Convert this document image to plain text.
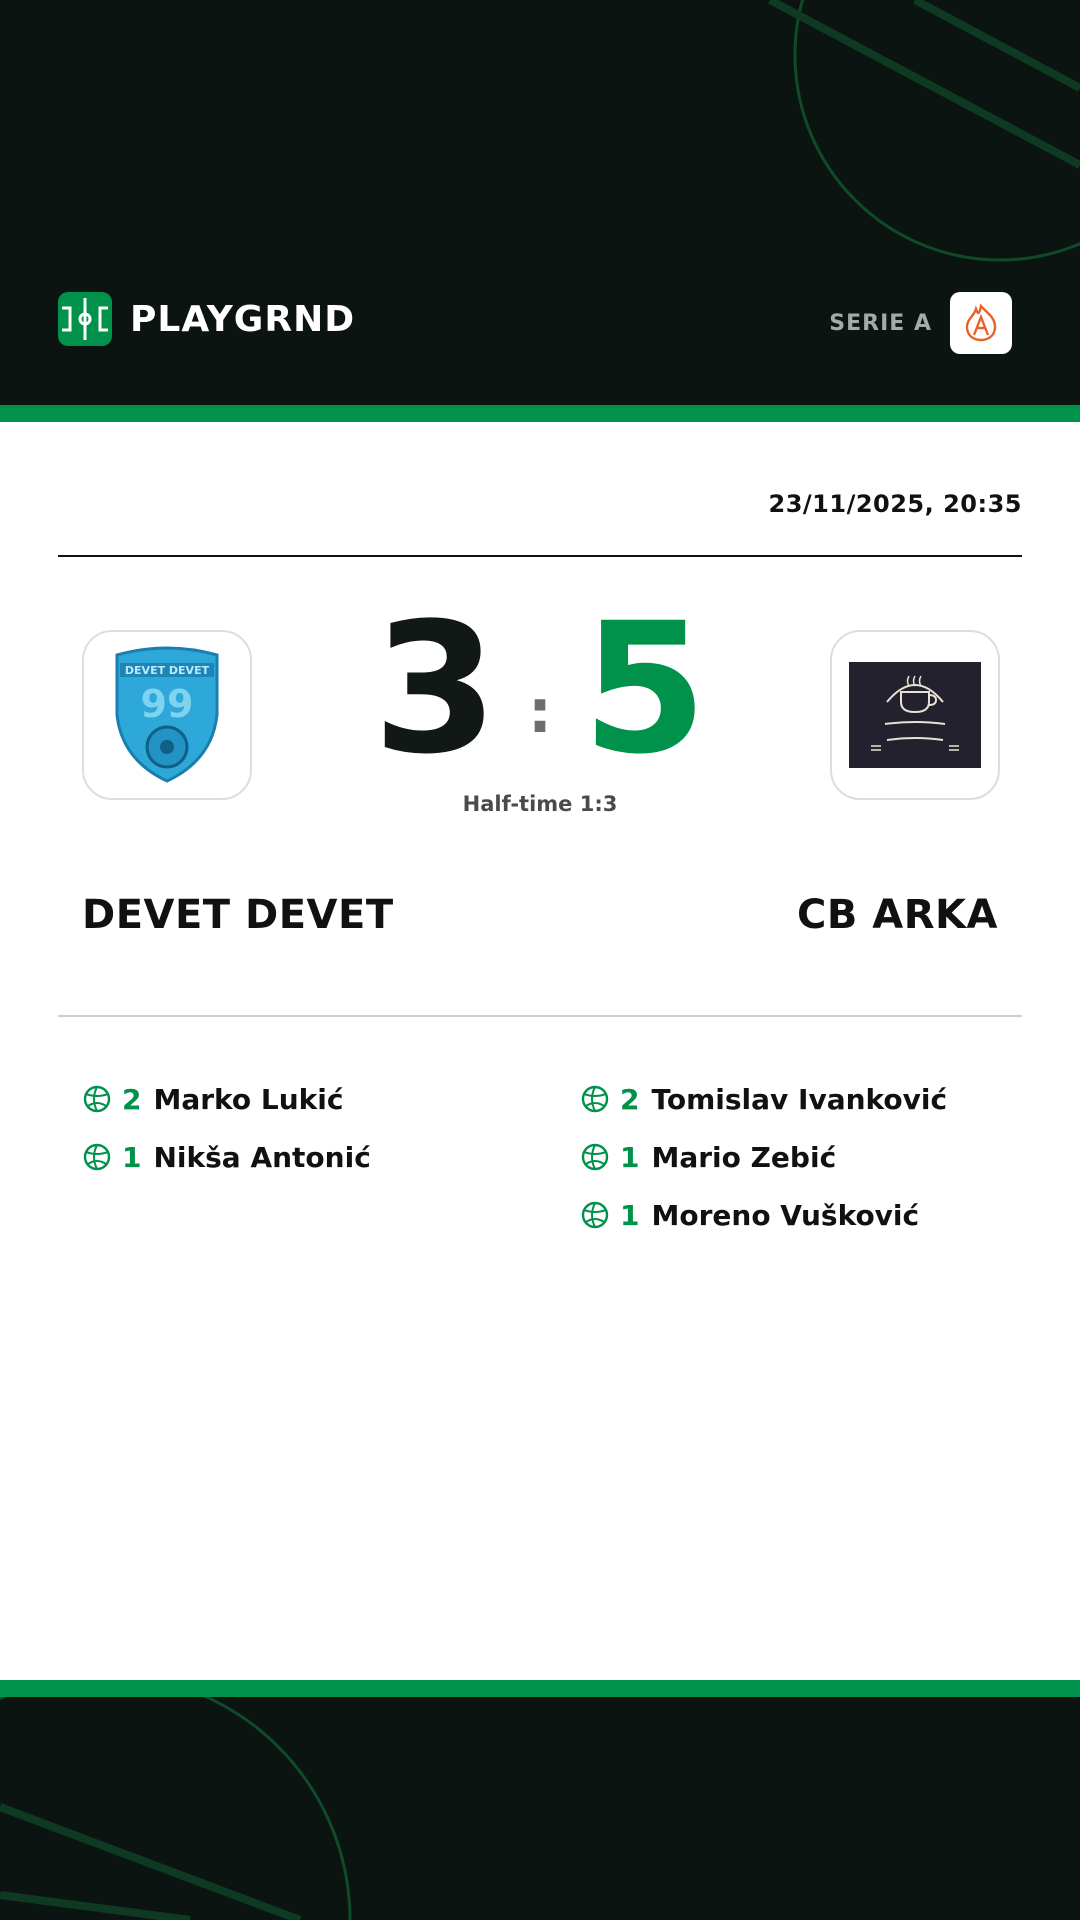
PLAYGRND	SERIE A
23/11/2025, 20:35
DEVET DEVET
99 3 : 5
Half-time 1:3
DEVET DEVET	CB ARKA
2 Marko Lukić
1 Nikša Antonić
2 Tomislav Ivanković
1 Mario Zebić
1 Moreno Vušković
